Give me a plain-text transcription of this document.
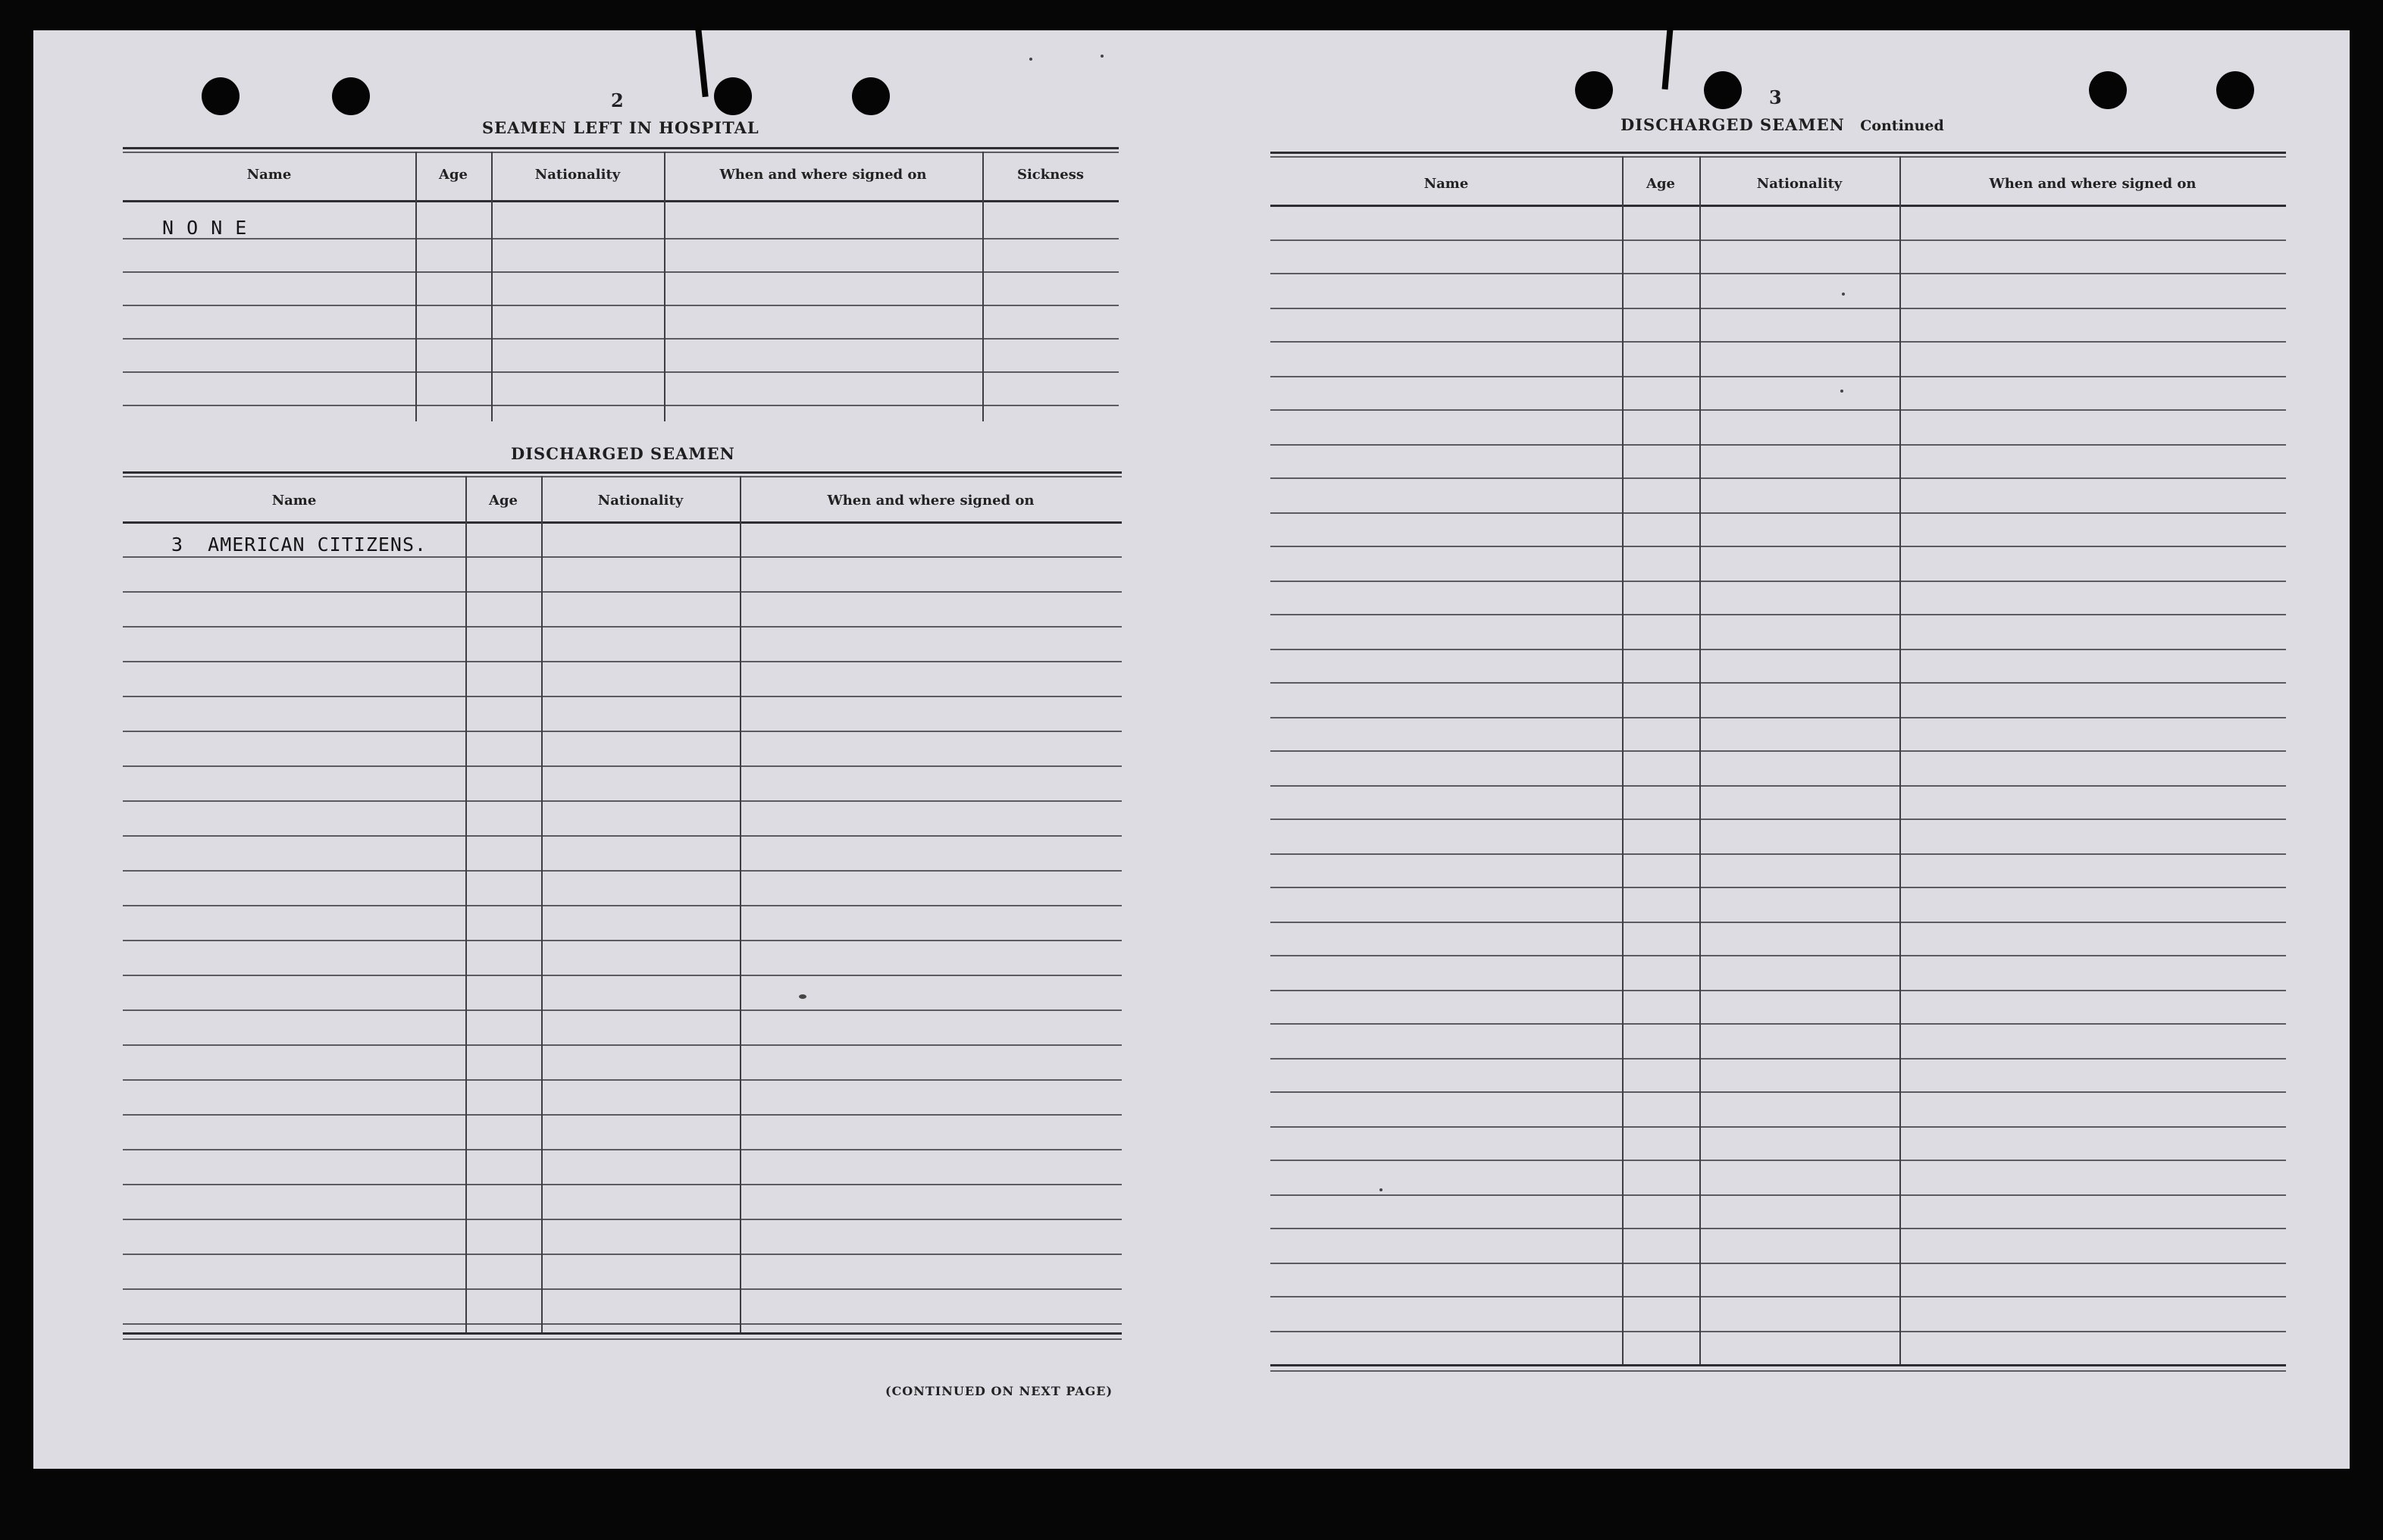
2
SEAMEN LEFT IN HOSPITAL
Name	Age	Nationality	When and where signed on	Sickness
N O N E
DISCHARGED SEAMEN
Name	Age	Nationality	When and where signed on
3  AMERICAN CITIZENS.
(CONTINUED ON NEXT PAGE)
3
DISCHARGED SEAMEN Continued
Name	Age	Nationality	When and where signed on
